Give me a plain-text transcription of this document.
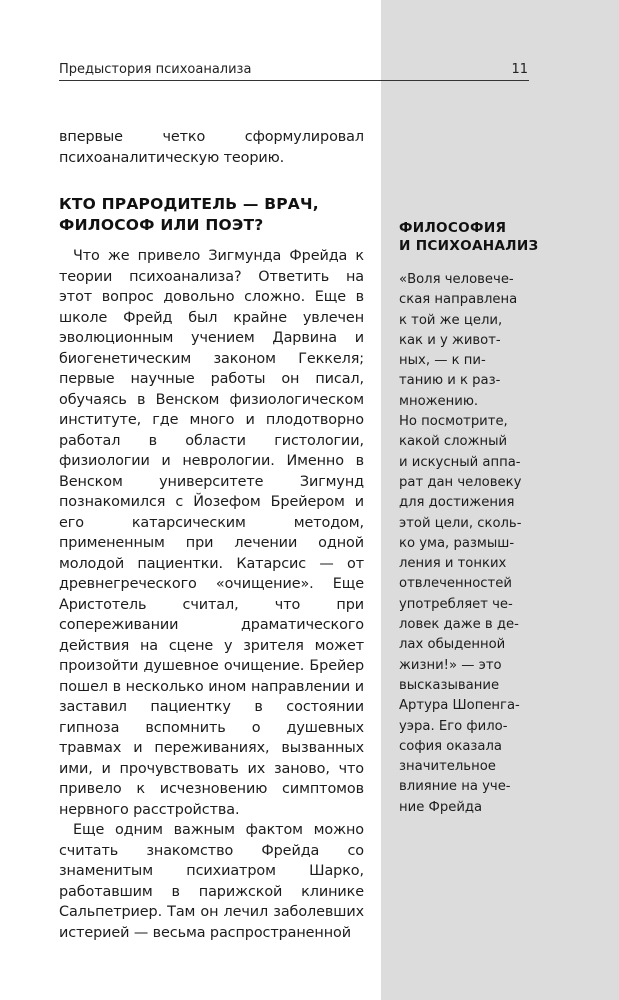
Предыстория психоанализа	11

впервые четко сформулировал психоаналитическую теорию.

КТО ПРАРОДИТЕЛЬ — ВРАЧ,
ФИЛОСОФ ИЛИ ПОЭТ?

Что же привело Зигмунда Фрейда к теории психоанализа? Ответить на этот вопрос довольно сложно. Еще в школе Фрейд был крайне увлечен эволюционным учением Дарвина и биогенетическим законом Геккеля; первые научные работы он писал, обучаясь в Венском физиологическом институте, где много и плодотворно работал в области гистологии, физиологии и неврологии. Именно в Венском университете Зигмунд познакомился с Йозефом Брейером и его катарсическим методом, примененным при лечении одной молодой пациентки. Катарсис — от древнегреческого «очищение». Еще Аристотель считал, что при сопереживании драматического действия на сцене у зрителя может произойти душевное очищение. Брейер пошел в несколько ином направлении и заставил пациентку в состоянии гипноза вспомнить о душевных травмах и переживаниях, вызванных ими, и прочувствовать их заново, что привело к исчезновению симптомов нервного расстройства.

Еще одним важным фактом можно считать знакомство Фрейда со знаменитым психиатром Шарко, работавшим в парижской клинике Сальпетриер. Там он лечил заболевших истерией — весьма распространенной

ФИЛОСОФИЯ
И ПСИХОАНАЛИЗ
«Воля человече-
ская направлена
к той же цели,
как и у живот-
ных, — к пи-
танию и к раз-
множению.
Но посмотрите,
какой сложный
и искусный аппа-
рат дан человеку
для достижения
этой цели, сколь-
ко ума, размыш-
ления и тонких
отвлеченностей
употребляет че-
ловек даже в де-
лах обыденной
жизни!» — это
высказывание
Артура Шопенга-
уэра. Его фило-
софия оказала
значительное
влияние на уче-
ние Фрейда
